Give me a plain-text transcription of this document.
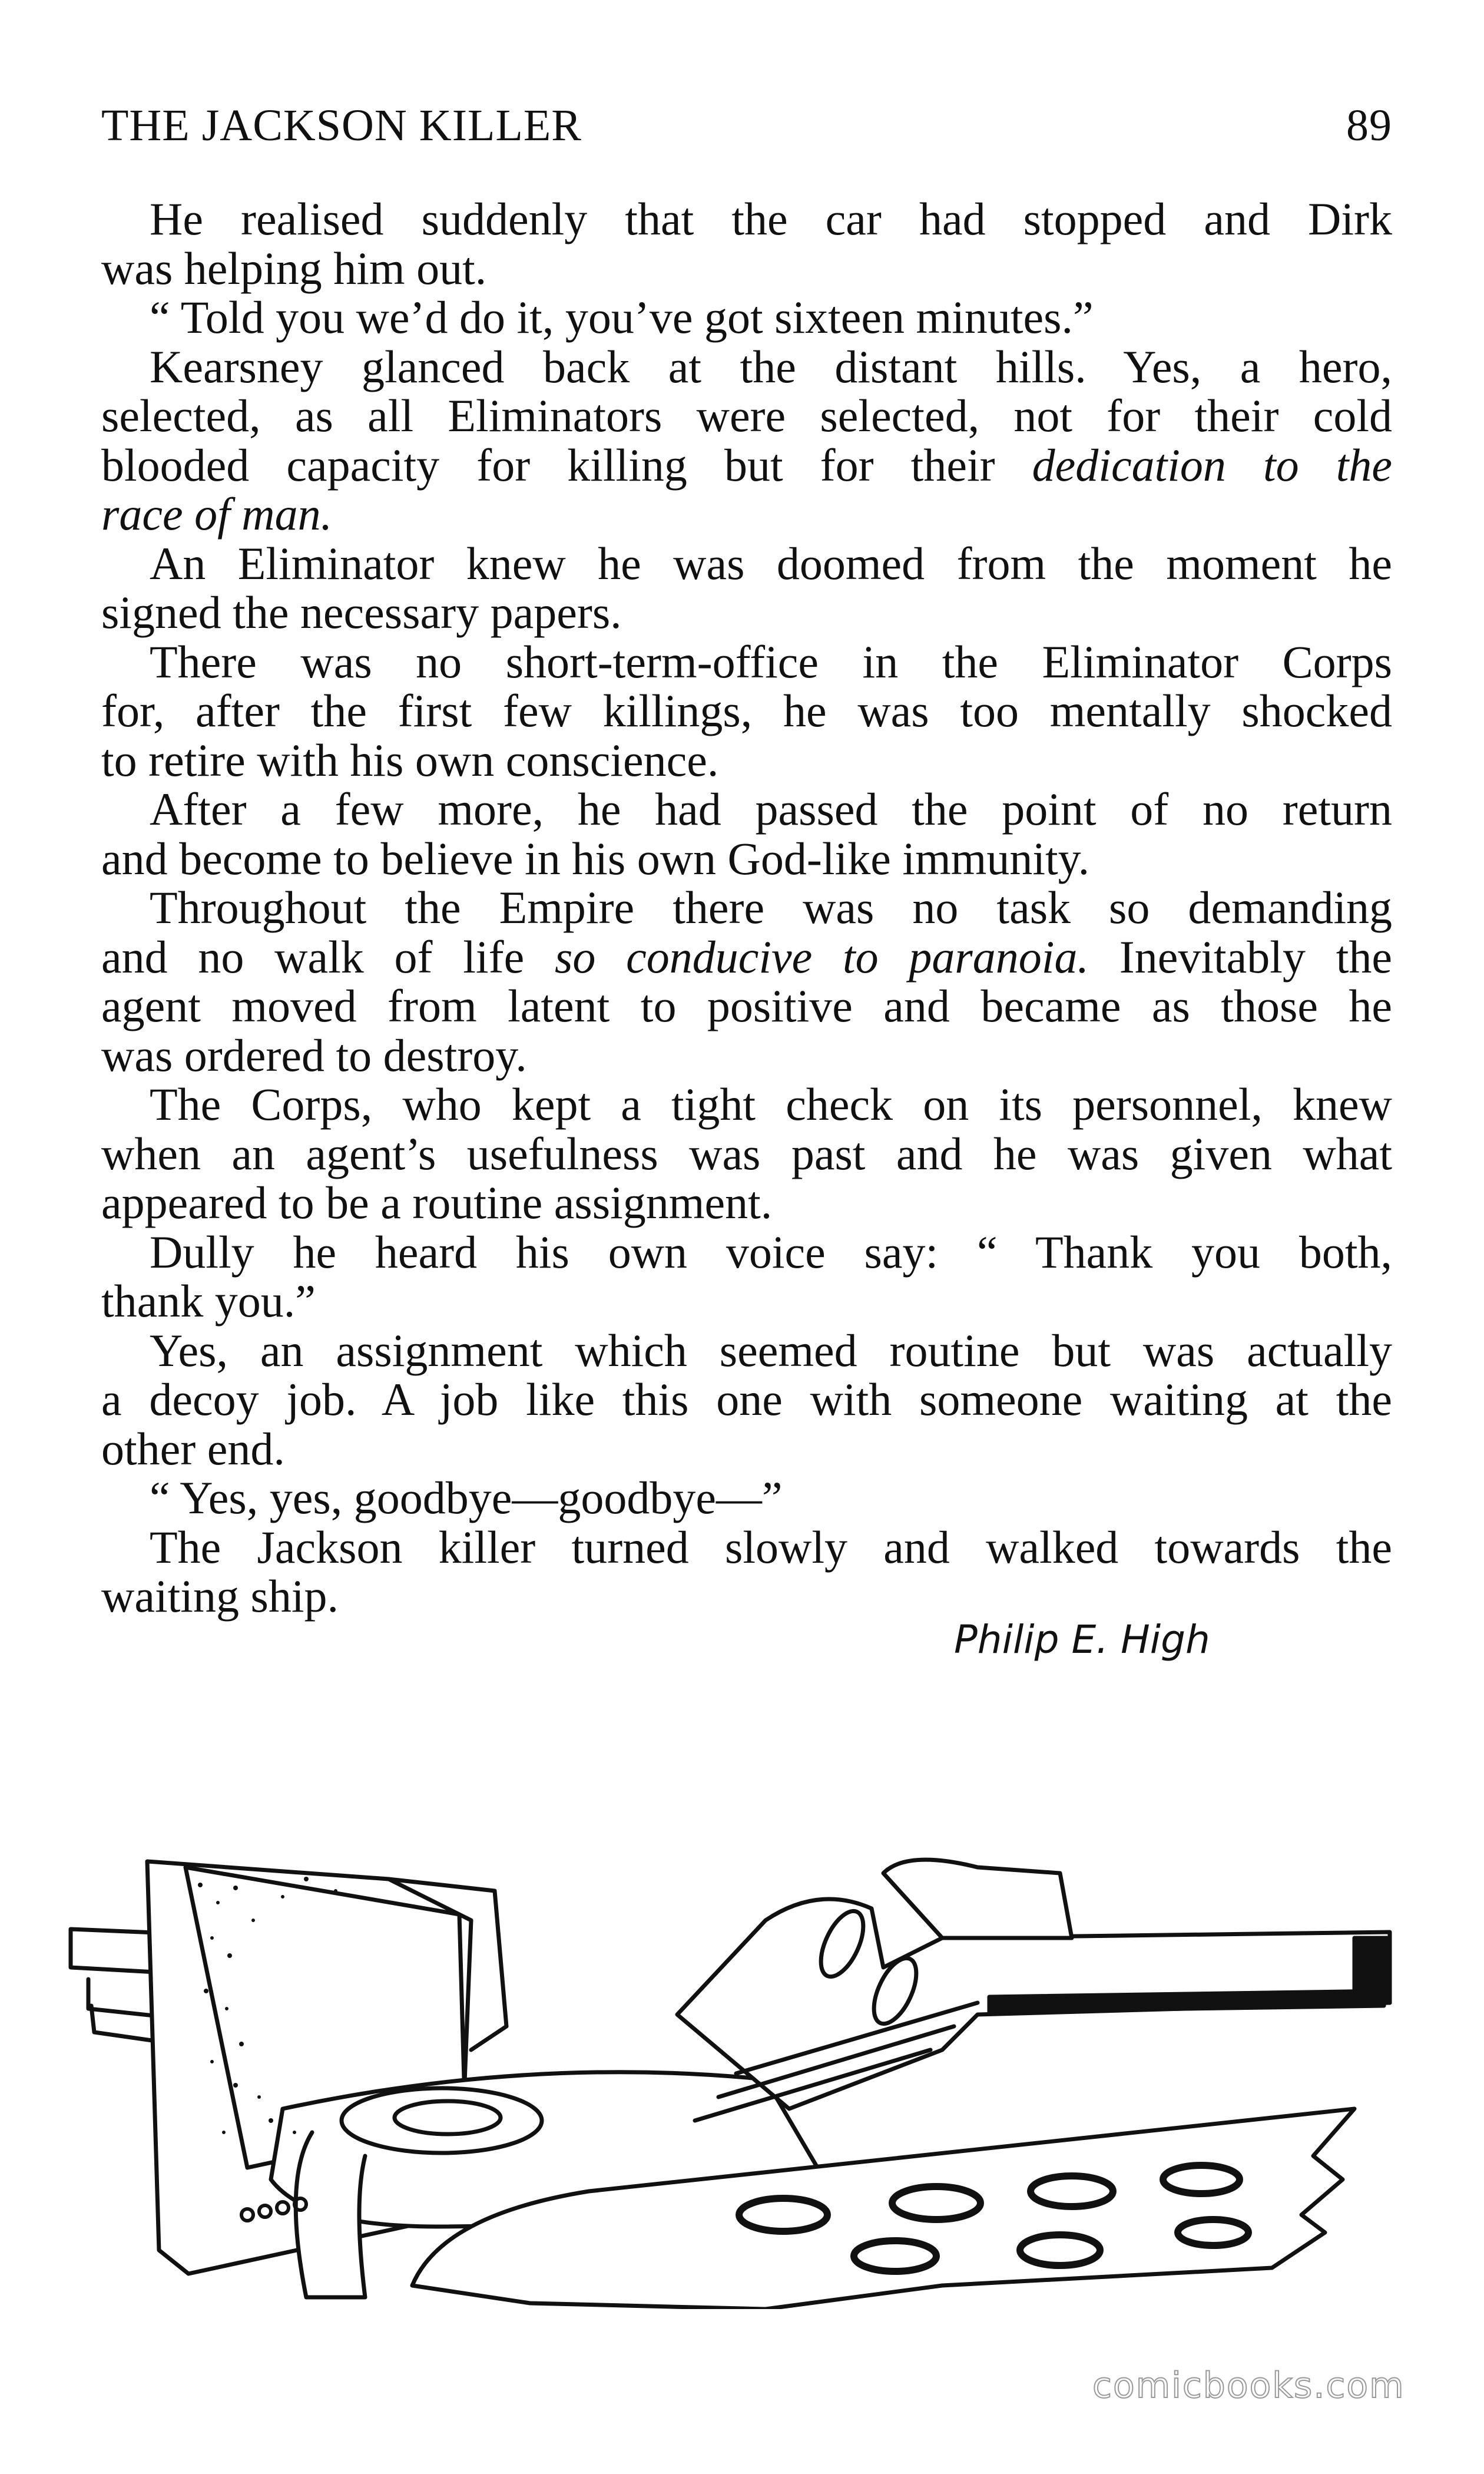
THE JACKSON KILLER	89
He realised suddenly that the car had stopped and Dirk
was helping him out.
“ Told you we’d do it, you’ve got sixteen minutes.”
Kearsney glanced back at the distant hills. Yes, a hero,
selected, as all Eliminators were selected, not for their cold
blooded capacity for killing but for their dedication to the
race of man.
An Eliminator knew he was doomed from the moment he
signed the necessary papers.
There was no short-term-office in the Eliminator Corps
for, after the first few killings, he was too mentally shocked
to retire with his own conscience.
After a few more, he had passed the point of no return
and become to believe in his own God-like immunity.
Throughout the Empire there was no task so demanding
and no walk of life so conducive to paranoia. Inevitably the
agent moved from latent to positive and became as those he
was ordered to destroy.
The Corps, who kept a tight check on its personnel, knew
when an agent’s usefulness was past and he was given what
appeared to be a routine assignment.
Dully he heard his own voice say: “ Thank you both,
thank you.”
Yes, an assignment which seemed routine but was actually
a decoy job. A job like this one with someone waiting at the
other end.
“ Yes, yes, goodbye—goodbye—”
The Jackson killer turned slowly and walked towards the
waiting ship.
Philip E. High
comicbooks.com
